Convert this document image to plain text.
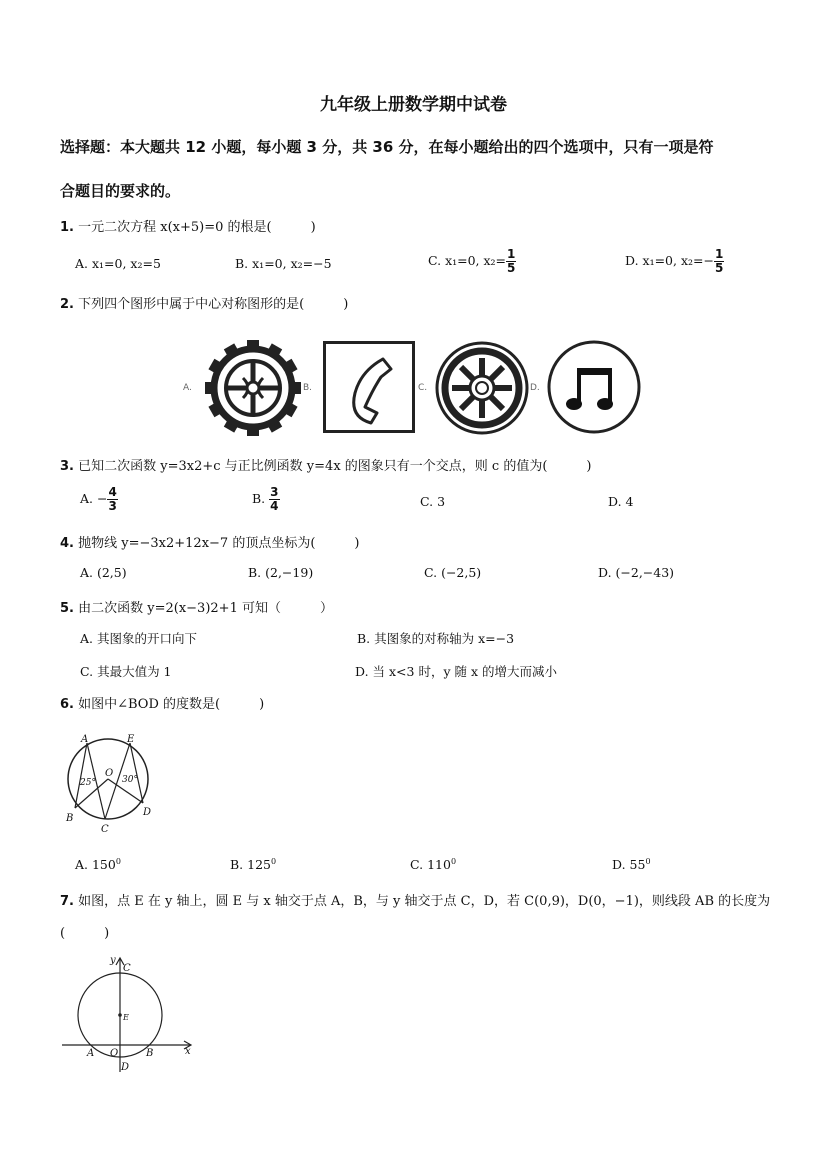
九年级上册数学期中试卷
选择题：本大题共 12 小题，每小题 3 分，共 36 分，在每小题给出的四个选项中，只有一项是符
合题目的要求的。
1. 一元二次方程 x(x+5)=0 的根是(　　　)
A. x₁=0, x₂=5	B. x₁=0, x₂=−5	C. x₁=0, $x_2= \frac{1}{5}$	D. x₁=0, $x_2=- \frac{1}{5}$
2. 下列四个图形中属于中心对称图形的是(　　　)
A.	B.	C.	D.
3. 已知二次函数 y=3x2+c 与正比例函数 y=4x 的图象只有一个交点，则 c 的值为(　　　)
A. − $\frac{4}{3}$	B. $\frac{3}{4}$	C. 3	D. 4
4. 抛物线 y=−3x2+12x−7 的顶点坐标为(　　　)
A. (2,5)	B. (2,−19)	C. (−2,5)	D. (−2,−43)
5. 由二次函数 y=2(x−3)2+1 可知（　　　）
A. 其图象的开口向下	B. 其图象的对称轴为 x=−3
C. 其最大值为 1	D. 当 x<3 时，y 随 x 的增大而减小
6. 如图中∠BOD 的度数是(　　　)
A	E
O
25°	30°
B
C
D
A. $150^0$	B. $125^0$	C. $110^0$	D. $55^0$
7. 如图，点 E 在 y 轴上，圆 E 与 x 轴交于点 A，B，与 y 轴交于点 C，D，若 C(0,9)，D(0，−1)，则线段 AB 的长度为
(　　　)
y
C
E
A O	B	x
D
